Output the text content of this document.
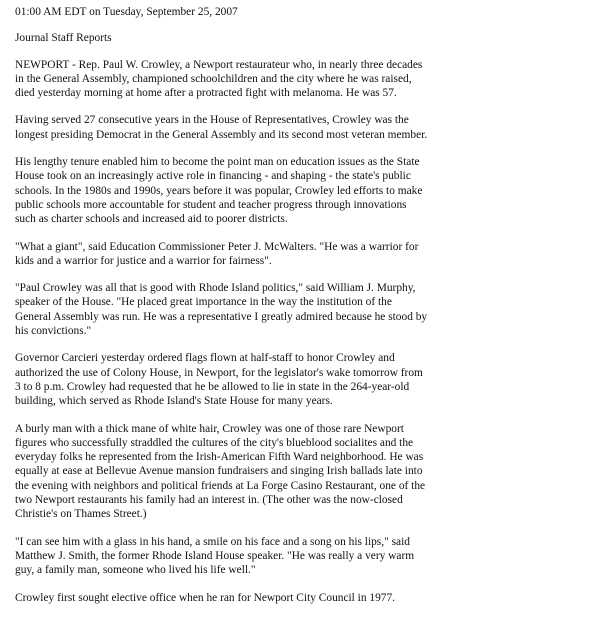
01:00 AM EDT on Tuesday, September 25, 2007

Journal Staff Reports

NEWPORT - Rep. Paul W. Crowley, a Newport restaurateur who, in nearly three decades in the General Assembly, championed schoolchildren and the city where he was raised, died yesterday morning at home after a protracted fight with melanoma. He was 57.

Having served 27 consecutive years in the House of Representatives, Crowley was the longest presiding Democrat in the General Assembly and its second most veteran member.

His lengthy tenure enabled him to become the point man on education issues as the State House took on an increasingly active role in financing - and shaping - the state's public schools. In the 1980s and 1990s, years before it was popular, Crowley led efforts to make public schools more accountable for student and teacher progress through innovations such as charter schools and increased aid to poorer districts.

"What a giant", said Education Commissioner Peter J. McWalters. "He was a warrior for kids and a warrior for justice and a warrior for fairness".

"Paul Crowley was all that is good with Rhode Island politics," said William J. Murphy, speaker of the House. "He placed great importance in the way the institution of the General Assembly was run. He was a representative I greatly admired because he stood by his convictions."

Governor Carcieri yesterday ordered flags flown at half-staff to honor Crowley and authorized the use of Colony House, in Newport, for the legislator's wake tomorrow from 3 to 8 p.m. Crowley had requested that he be allowed to lie in state in the 264-year-old building, which served as Rhode Island's State House for many years.

A burly man with a thick mane of white hair, Crowley was one of those rare Newport figures who successfully straddled the cultures of the city's blueblood socialites and the everyday folks he represented from the Irish-American Fifth Ward neighborhood. He was equally at ease at Bellevue Avenue mansion fundraisers and singing Irish ballads late into the evening with neighbors and political friends at La Forge Casino Restaurant, one of the two Newport restaurants his family had an interest in. (The other was the now-closed Christie's on Thames Street.)

"I can see him with a glass in his hand, a smile on his face and a song on his lips," said Matthew J. Smith, the former Rhode Island House speaker. "He was really a very warm guy, a family man, someone who lived his life well."

Crowley first sought elective office when he ran for Newport City Council in 1977.
